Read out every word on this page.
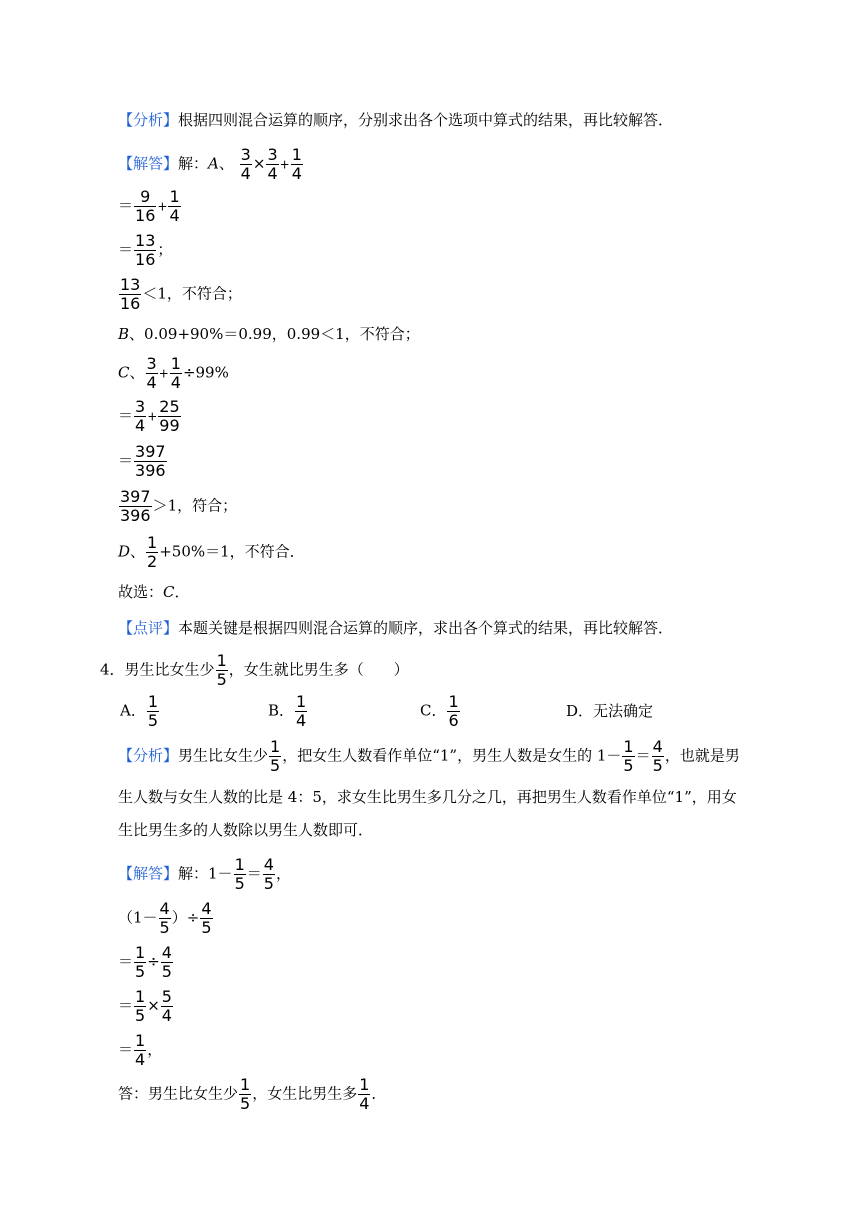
【分析】根据四则混合运算的顺序，分别求出各个选项中算式的结果，再比较解答．
【解答】解：A、 $\frac{3}{4} \times \frac{3}{4} + \frac{1}{4}$
＝ $\frac{9}{16} + \frac{1}{4}$
＝ $\frac{13}{16}$ ；
$\frac{13}{16} <1$，不符合；
B、0.09+90%＝0.99，0.99＜1，不符合；
C、 $\frac{3}{4} + \frac{1}{4} \div 99\%$
＝ $\frac{3}{4} + \frac{25}{99}$
＝ $\frac{397}{396}$
$\frac{397}{396} >1$，符合；
D、 $\frac{1}{2} +50\%=1$，不符合．
故选：C．
【点评】本题关键是根据四则混合运算的顺序，求出各个算式的结果，再比较解答．
4．男生比女生少 $\frac{1}{5}$ ，女生就比男生多（　　）
A． $\frac{1}{5}$	B． $\frac{1}{4}$	C． $\frac{1}{6}$	D．无法确定
【分析】男生比女生少 $\frac{1}{5}$ ，把女生人数看作单位“1”，男生人数是女生的 $1- \frac{1}{5} = \frac{4}{5}$ ，也就是男
生人数与女生人数的比是 4：5，求女生比男生多几分之几，再把男生人数看作单位“1”，用女
生比男生多的人数除以男生人数即可．
【解答】解：$1- \frac{1}{5} = \frac{4}{5}$ ，
（$1- \frac{4}{5}$ ）÷ $\frac{4}{5}$
＝ $\frac{1}{5} \div \frac{4}{5}$
＝ $\frac{1}{5} \times \frac{5}{4}$
＝ $\frac{1}{4}$ ，
答：男生比女生少 $\frac{1}{5}$ ，女生比男生多 $\frac{1}{4}$ ．
